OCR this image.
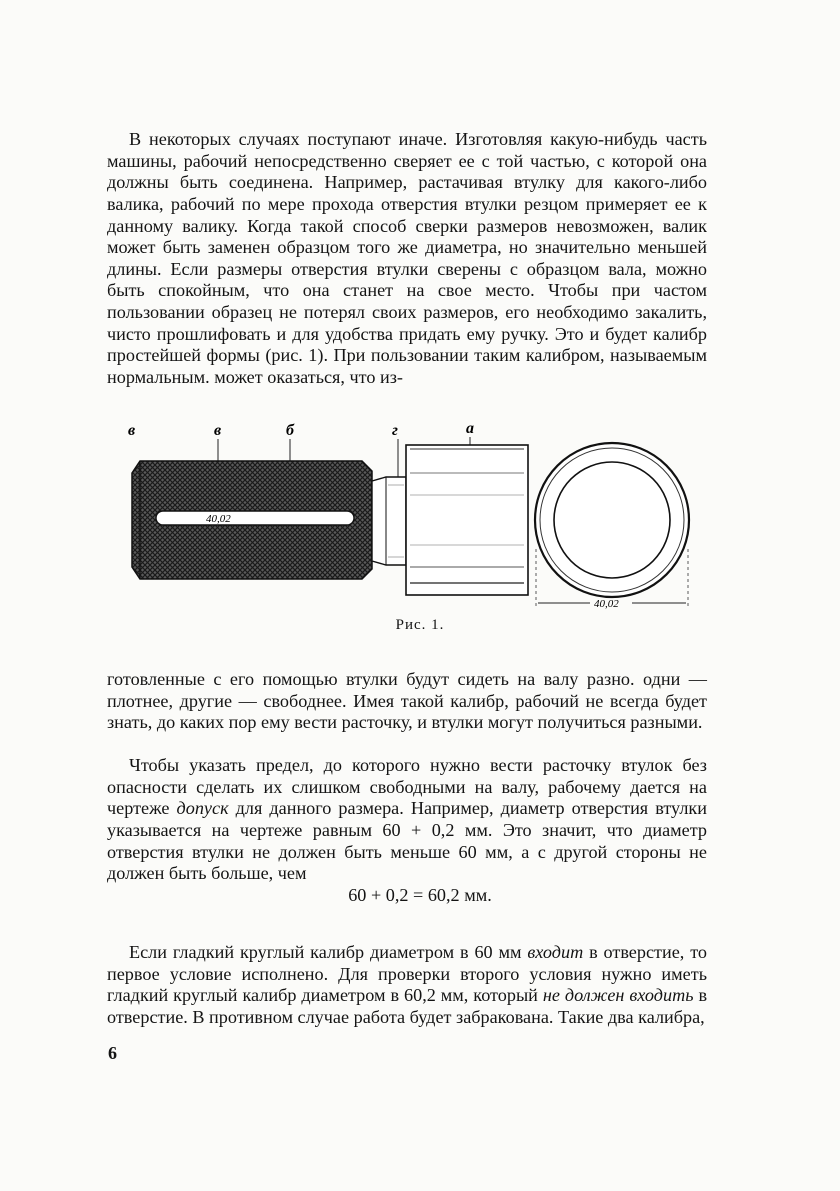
В некоторых случаях поступают иначе. Изготовляя какую-нибудь часть машины, рабочий непосредственно сверяет ее с той частью, с которой она должны быть соединена. Например, растачивая втулку для какого-либо валика, рабочий по мере прохода отверстия втулки резцом примеряет ее к данному валику. Когда такой способ сверки размеров невозможен, валик может быть заменен образцом того же диаметра, но значительно меньшей длины. Если размеры отверстия втулки сверены с образцом вала, можно быть спокойным, что она станет на свое место. Чтобы при частом пользовании образец не потерял своих размеров, его необходимо закалить, чисто прошлифовать и для удобства придать ему ручку. Это и будет калибр простейшей формы (рис. 1). При пользовании таким калибром, называемым нормальным. может оказаться, что из-

в	в	б	г	а
40,02
40,02
Рис. 1.

готовленные с его помощью втулки будут сидеть на валу разно. одни — плотнее, другие — свободнее. Имея такой калибр, рабочий не всегда будет знать, до каких пор ему вести расточку, и втулки могут получиться разными.

Чтобы указать предел, до которого нужно вести расточку втулок без опасности сделать их слишком свободными на валу, рабочему дается на чертеже допуск для данного размера. Например, диаметр отверстия втулки указывается на чертеже равным 60 + 0,2 мм. Это значит, что диаметр отверстия втулки не должен быть меньше 60 мм, а с другой стороны не должен быть больше, чем

60 + 0,2 = 60,2 мм.

Если гладкий круглый калибр диаметром в 60 мм входит в отверстие, то первое условие исполнено. Для проверки второго условия нужно иметь гладкий круглый калибр диаметром в 60,2 мм, который не должен входить в отверстие. В противном случае работа будет забракована. Такие два калибра,

6
